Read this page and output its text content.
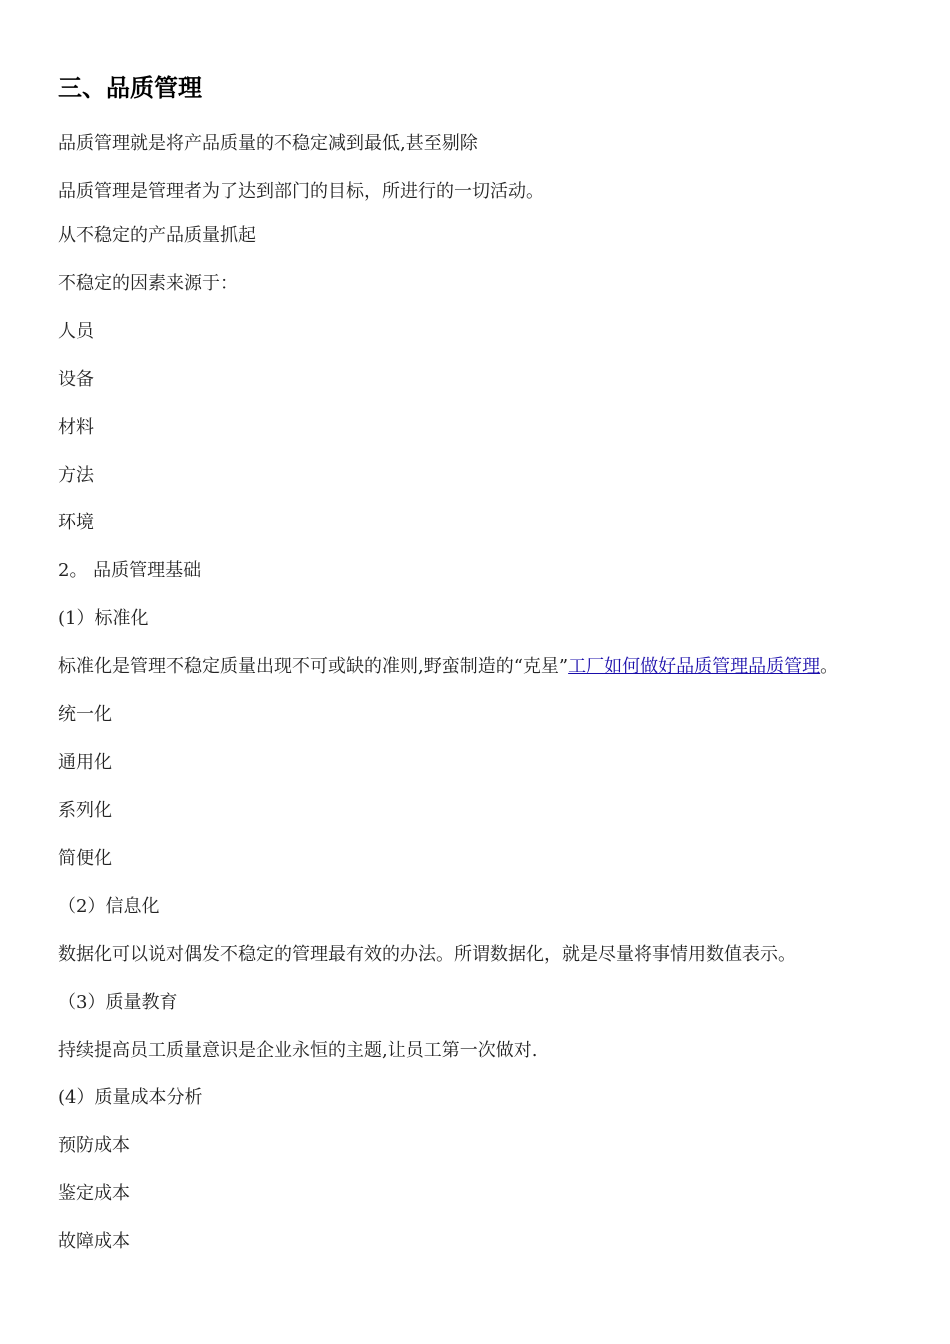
三、品质管理
品质管理就是将产品质量的不稳定减到最低,甚至剔除
品质管理是管理者为了达到部门的目标，所进行的一切活动。
从不稳定的产品质量抓起
不稳定的因素来源于：
人员
设备
材料
方法
环境
2。 品质管理基础
(1）标准化
标准化是管理不稳定质量出现不可或缺的准则,野蛮制造的“克星”工厂如何做好品质管理品质管理。
统一化
通用化
系列化
简便化
（2）信息化
数据化可以说对偶发不稳定的管理最有效的办法。所谓数据化，就是尽量将事情用数值表示。
（3）质量教育
持续提高员工质量意识是企业永恒的主题,让员工第一次做对.
(4）质量成本分析
预防成本
鉴定成本
故障成本
